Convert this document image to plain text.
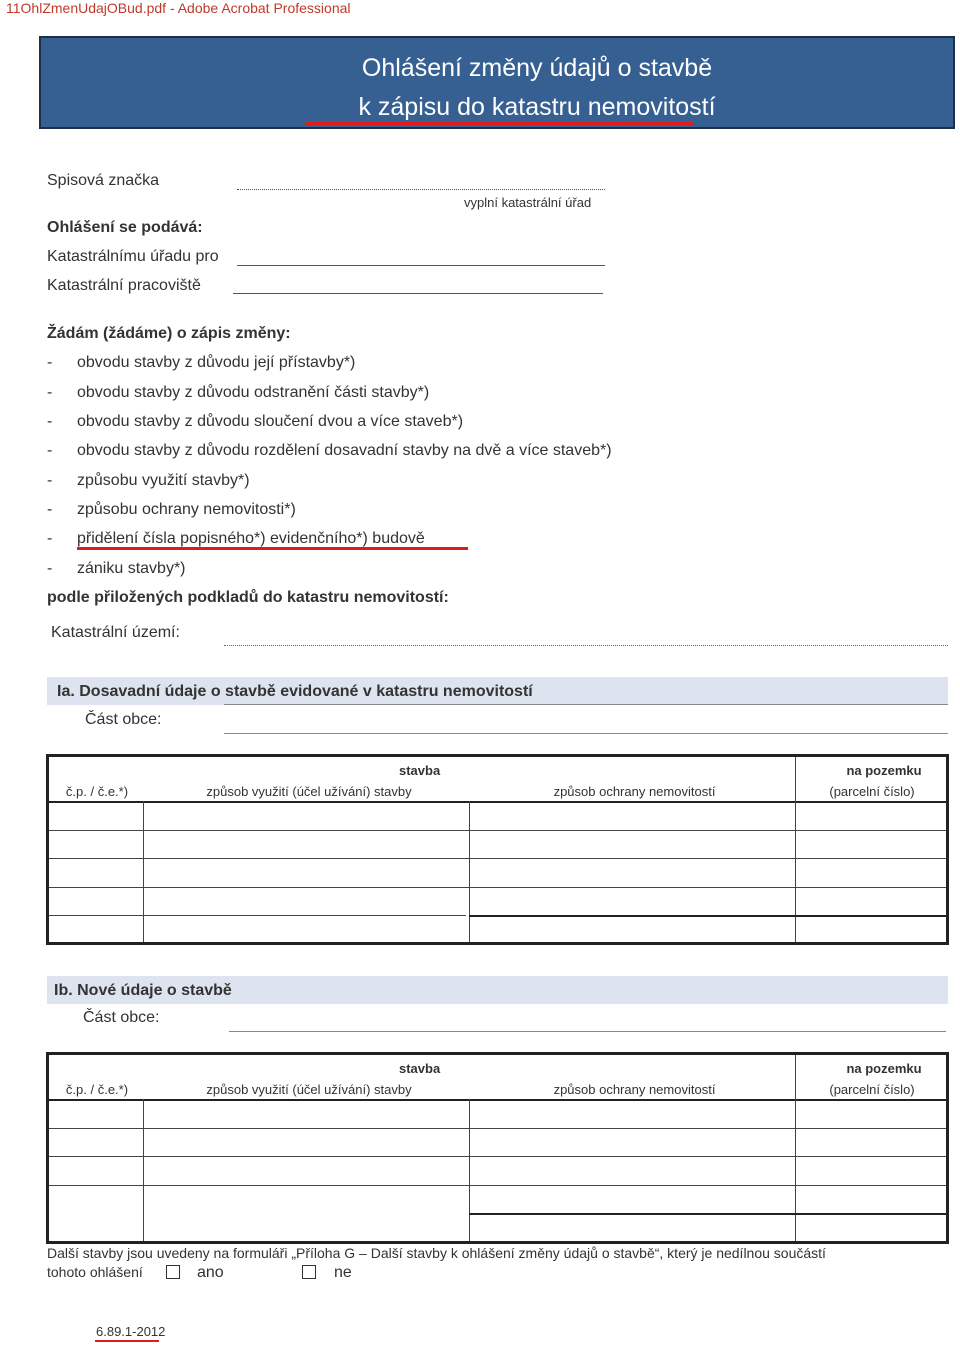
11OhlZmenUdajOBud.pdf - Adobe Acrobat Professional
Ohlášení změny údajů o stavbě
k zápisu do katastru nemovitostí
Spisová značka
vyplní katastrální úřad
Ohlášení se podává:
Katastrálnímu úřadu pro
Katastrální pracoviště
Žádám (žádáme) o zápis změny:
- obvodu stavby z důvodu její přístavby*)
- obvodu stavby z důvodu odstranění části stavby*)
- obvodu stavby z důvodu sloučení dvou a více staveb*)
- obvodu stavby z důvodu rozdělení dosavadní stavby na dvě a více staveb*)
- způsobu využití stavby*)
- způsobu ochrany nemovitosti*)
- přidělení čísla popisného*) evidenčního*) budově
- zániku stavby*)
podle přiložených podkladů do katastru nemovitostí:
Katastrální území:
Ia. Dosavadní údaje o stavbě evidované v katastru nemovitostí
Část obce:
stavba	na pozemku
č.p. / č.e.*)	způsob využití (účel užívání) stavby	způsob ochrany nemovitostí	(parcelní číslo)
Ib. Nové údaje o stavbě
Část obce:
stavba	na pozemku
č.p. / č.e.*)	způsob využití (účel užívání) stavby	způsob ochrany nemovitostí	(parcelní číslo)
Další stavby jsou uvedeny na formuláři „Příloha G – Další stavby k ohlášení změny údajů o stavbě“, který je nedílnou součástí
tohoto ohlášení	ano	ne
6.89.1-2012
